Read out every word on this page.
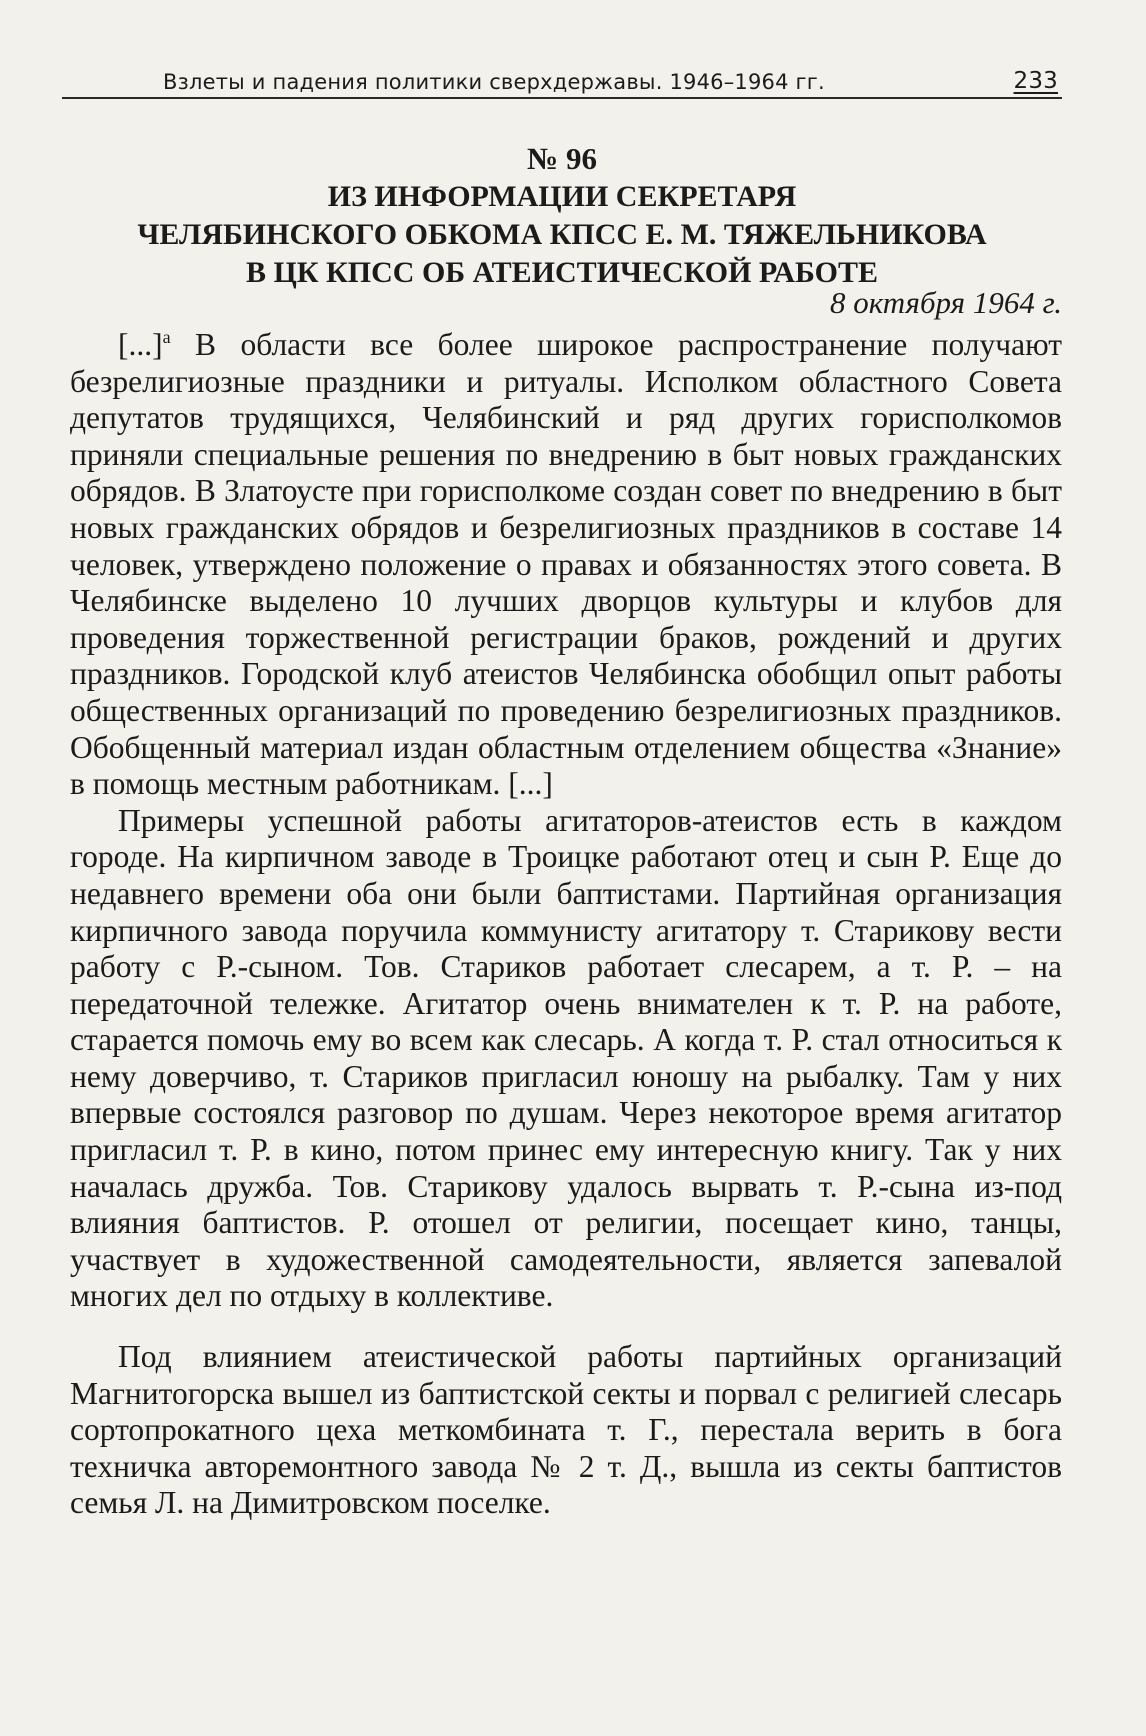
Взлеты и падения политики сверхдержавы. 1946–1964 гг.	233
№ 96
ИЗ ИНФОРМАЦИИ СЕКРЕТАРЯ
ЧЕЛЯБИНСКОГО ОБКОМА КПСС Е. М. ТЯЖЕЛЬНИКОВА
В ЦК КПСС ОБ АТЕИСТИЧЕСКОЙ РАБОТЕ
8 октября 1964 г.

[...]$^а$ В области все более широкое распространение получают безрелигиозные праздники и ритуалы. Исполком областного Совета депутатов трудящихся, Челябинский и ряд других горисполкомов приняли специальные решения по внедрению в быт новых гражданских обрядов. В Златоусте при горисполкоме создан совет по внедрению в быт новых гражданских обрядов и безрелигиозных праздников в составе 14 человек, утверждено положение о правах и обязанностях этого совета. В Челябинске выделено 10 лучших дворцов культуры и клубов для проведения торжественной регистрации браков, рождений и других праздников. Городской клуб атеистов Челябинска обобщил опыт работы общественных организаций по проведению безрелигиозных праздников. Обобщенный материал издан областным отделением общества «Знание» в помощь местным работникам. [...]

Примеры успешной работы агитаторов-атеистов есть в каждом городе. На кирпичном заводе в Троицке работают отец и сын Р. Еще до недавнего времени оба они были баптистами. Партийная организация кирпичного завода поручила коммунисту агитатору т. Старикову вести работу с Р.-сыном. Тов. Стариков работает слесарем, а т. Р. – на передаточной тележке. Агитатор очень внимателен к т. Р. на работе, старается помочь ему во всем как слесарь. А когда т. Р. стал относиться к нему доверчиво, т. Стариков пригласил юношу на рыбалку. Там у них впервые состоялся разговор по душам. Через некоторое время агитатор пригласил т. Р. в кино, потом принес ему интересную книгу. Так у них началась дружба. Тов. Старикову удалось вырвать т. Р.-сына из-под влияния баптистов. Р. отошел от религии, посещает кино, танцы, участвует в художественной самодеятельности, является запевалой многих дел по отдыху в коллективе.

Под влиянием атеистической работы партийных организаций Магнитогорска вышел из баптистской секты и порвал с религией слесарь сортопрокатного цеха меткомбината т. Г., перестала верить в бога техничка авторемонтного завода № 2 т. Д., вышла из секты баптистов семья Л. на Димитровском поселке.
